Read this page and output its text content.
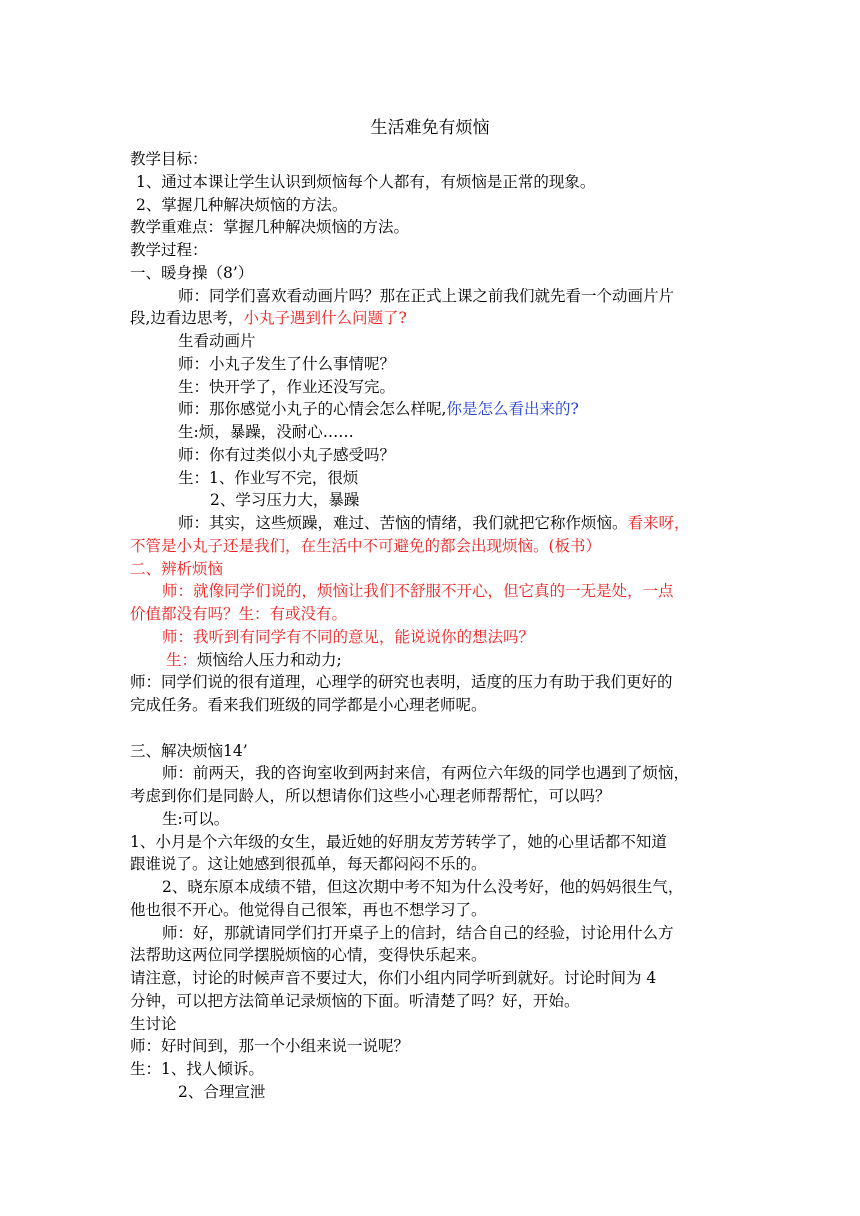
生活难免有烦恼
教学目标：
1、通过本课让学生认识到烦恼每个人都有，有烦恼是正常的现象。
2、掌握几种解决烦恼的方法。
教学重难点：掌握几种解决烦恼的方法。
教学过程：
一、暖身操（8’）
师：同学们喜欢看动画片吗？那在正式上课之前我们就先看一个动画片片
段,边看边思考，小丸子遇到什么问题了?
生看动画片
师：小丸子发生了什么事情呢？
生：快开学了，作业还没写完。
师：那你感觉小丸子的心情会怎么样呢,你是怎么看出来的?
生:烦，暴躁，没耐心……
师：你有过类似小丸子感受吗？
生：1、作业写不完，很烦
2、学习压力大，暴躁
师：其实，这些烦躁，难过、苦恼的情绪，我们就把它称作烦恼。看来呀，
不管是小丸子还是我们，在生活中不可避免的都会出现烦恼。(板书）
二、辨析烦恼
师：就像同学们说的，烦恼让我们不舒服不开心，但它真的一无是处，一点
价值都没有吗？生：有或没有。
师：我听到有同学有不同的意见，能说说你的想法吗？
生：烦恼给人压力和动力;
师：同学们说的很有道理，心理学的研究也表明，适度的压力有助于我们更好的
完成任务。看来我们班级的同学都是小心理老师呢。
三、解决烦恼14’
师：前两天，我的咨询室收到两封来信，有两位六年级的同学也遇到了烦恼，
考虑到你们是同龄人，所以想请你们这些小心理老师帮帮忙，可以吗？
生:可以。
1、小月是个六年级的女生，最近她的好朋友芳芳转学了，她的心里话都不知道
跟谁说了。这让她感到很孤单，每天都闷闷不乐的。
2、晓东原本成绩不错，但这次期中考不知为什么没考好，他的妈妈很生气，
他也很不开心。他觉得自己很笨，再也不想学习了。
师：好，那就请同学们打开桌子上的信封，结合自己的经验，讨论用什么方
法帮助这两位同学摆脱烦恼的心情，变得快乐起来。
请注意，讨论的时候声音不要过大，你们小组内同学听到就好。讨论时间为 4
分钟，可以把方法简单记录烦恼的下面。听清楚了吗？好，开始。
生讨论
师：好时间到，那一个小组来说一说呢？
生：1、找人倾诉。
2、合理宣泄
